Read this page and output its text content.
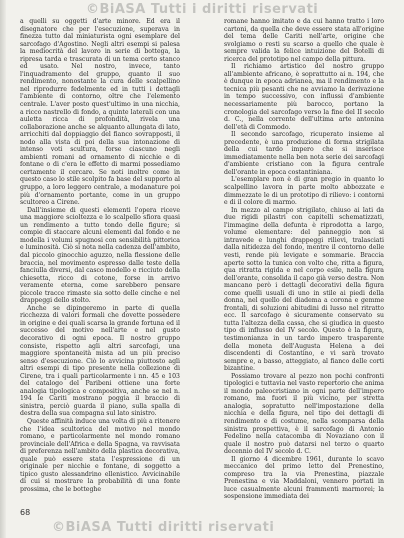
©BiASA Tutti i diritti riservati

a quelli su oggetti d'arte minore. Ed era il disegnatore che per l'esecuzione, superava in finezza tutto dal miniaturista ogni esemplare del sarcofago d'Agostino. Negli altri esempi si palesa la mediocrità del lavoro in serie di bottega, la ripresa tarda e trascurata di un tema certo stanco ed usato. Nel nostro, invece, tanto l'inquadramento del gruppo, quanto il suo rendimento, nonostante la cura delle scalpellino nel riprodurre fedelmente ed in tutti i dettagli l'ambiente di contorno, oltre che l'elemento centrale. L'aver posto quest'ultimo in una nicchia, a ricco nastrello di fondo, a quinte laterali con una auletta ricca di profondità, rivela una collaborazione anche se alquanto allungata di lato, arricchiti dal doppiaggio del fianco sovrapposti, il nodo alla vista di poi della sua intonazione di intenso voti scultura, forse ciascuno negli ambienti romani ad ornamento di nicchie e di fontane o di c'era le effetto di marmi possediamo certamente il cercare. Se noti inoltre come in questo caso lo stile scolpito fa base del supporto al gruppo, a loro leggero centrale, a modanature poi più d'ornamento portante, come in un gruppo scultoreo a Cirene.

Dall'insieme di questi elementi l'opera riceve una maggiore scioltezza e lo scalpello sfiora quasi un rendimento a tutto tondo delle figure; si compie di staccare alcuni elementi dal fondo e ne modella i volumi spugnosi con sensibilità pittorica e luminosità. Ciò si nota nella cadenza dell'ambito, dal piccolo ginocchio aguzzo, nella flessione delle braccia, nel movimento espresso dalle teste della fanciulla diversi, dal casco modello e ricciuto della chiesetta, ricco di cotone, forse in arrivo veramente eterna, come sarebbero pensare piccole tracce rimaste sia sotto delle cinche e nel drappeggi dello stolto.

Anche se dipingeremo in parte di quella ricchezza di valori formali che dovette possedere in origine e dei quali scarsa la grande fortuna ed il successo del motivo nell'arte e nel gusto decorativo di ogni epoca. Il nostro gruppo consiste, rispetto agli altri sarcofagi, una maggiore spontaneità mista ad un più preciso senso d'esecuzione. Ciò lo avvicina piuttosto agli altri esempi di tipo presente nella collezione di Cirene, tra i quali particolarmente i nn. 45 e 103 del catalogo del Paribeni ottiene una forte analogia tipologica e compositiva, anche se nel n. 194 le Cariti mostrano poggia il braccio di sinistra, perciò guarda il piano, sulla spalla di destra della sua compagna sul lato sinistro.

Queste affinità induce una volta di più a ritenere che l'idea scultorica del motivo nel mondo romano, e particolarmente nel mondo romano provinciale dell'Africa e della Spagna, va ravvisata di preferenza nell'ambito della plastica decorativa, quale può essere stata l'espressione di un originale per nicchie e fontane, di soggetto a tipico gusto alessandrino ellenistico. Avvicinabile di cui si mostrare la probabilità di una fonte prossima, che le botteghe

romane hanno imitato e da cui hanno tratto i loro cartoni, da quella che deve essere stata all'origine del tema delle Cariti nell'arte, origine che svolgiamo o resti su scarso a quello che quale è sempre valida la felice intuizione del Botelli di ricerca del prototipo nel campo della pittura.

Il richiamo artistico del nostro gruppo all'ambiente africano, è soprattutto ai n. 194, che è dunque in epoca adrianea, ma il rendimento e la tecnica più pesanti che ne avviamo la derivazione in tempo successivo, con influssi d'ambiente necessariamente più barocco, portano la cronologia del sarcofago verso la fine del II secolo d. C., nella corrente dell'ultima arte antonina dell'età di Commodo.

Il secondo sarcofago, ricuperato insieme al precedente, è una produzione di forma strigilata della cui tardo impero che si inserisce immediatamente nella ben nota serie dei sarcofagi d'ambiente cristiano con la figura centrale dell'orante in epoca costantiniana.

L'esemplare non è di gran pregio in quanto lo scalpellino lavora in parte molto abbozzate e dimmezzate le di un prototipo di rilievo: i contorni e di il colore di marmo.

In mezzo al campo strigilato, chiuso ai lati da due rigidi pilastri con capitelli schematizzati, l'immagine della defunta è riprodotta a largo, volume elementare: del panneggio non si intravede e lunghi drappeggi rilievi, tralasciati dalla nitidezza del fondo, mentre il contorno delle vesti, rende più levigate e sommarie. Braccia aperte sotto la tunica con volto che, ritta a figura, qua ritratta rigida e nel corpo esile, nella figura dell'orante, consolida il capo già verso destra. Non mancano però i dettagli decorativi della figura come quelli usuali di uno in stile ai piedi della donna, nel quello del diadema a corona e gemme frontali, di soluzioni abitudini di lusso nel ritratto ecc. Il sarcofago è sicuramente conservato su tutta l'altezza della cassa, che si giudica in questo tipo di influsso del IV secolo. Questo è la figura, testimonianza in un tardo impero trasparente della moneta dell'Augusta Helena a dei discendenti di Costantino, e vi sarà trovato sempre e, a basso, atteggiato, al fianco delle corti bizantine.

Possiamo trovare al pezzo non pochi confronti tipologici e tuttavia nel vasto repertorio che anima il mondo paleocristiano in ogni parte dell'impero romano, ma fuori il più vicino, per stretta analogia, sopratutto nell'impostazione della nicchia e della figura, nel tipo dei dettagli di rendimento e di costume, nella scomparsa della sinistra prospettiva, è il sarcofago di Antonio Fedelino nella catacomba di Novaziano con il quale il nostro può datarsi nel terzo o quarto decennio del IV secolo d. C.

Il giorno 4 dicembre 1961, durante lo scavo meccanico del primo letto del Prenestino, compreso tra la via Prenestina, piazzale Prenestina e via Maddaloni, vennero portati in luce casualmente alcuni frammenti marmorei; la sospensione immediata dei

68
©BiASA Tutti diritti riservati
